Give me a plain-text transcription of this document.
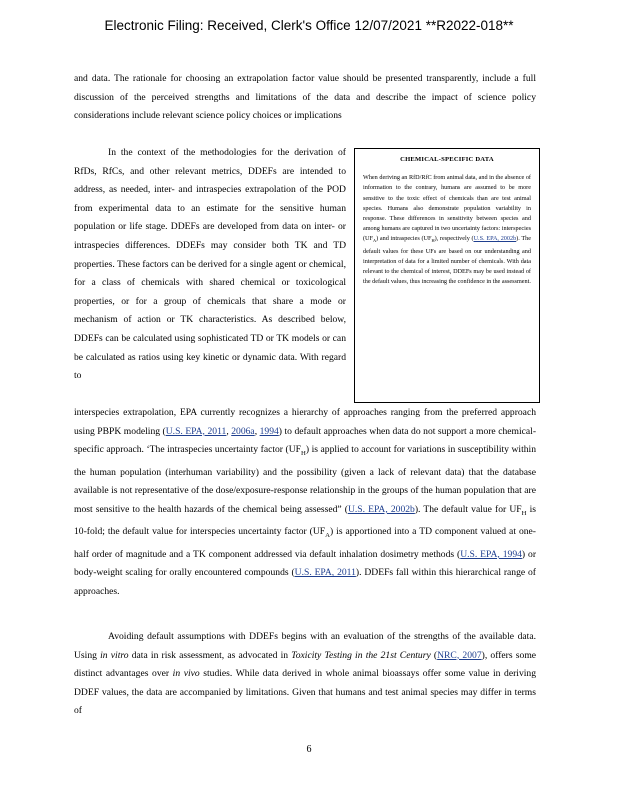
Electronic Filing: Received, Clerk's Office 12/07/2021 **R2022-018**
and data. The rationale for choosing an extrapolation factor value should be presented transparently, include a full discussion of the perceived strengths and limitations of the data and describe the impact of science policy considerations include relevant science policy choices or implications
In the context of the methodologies for the derivation of RfDs, RfCs, and other relevant metrics, DDEFs are intended to address, as needed, inter- and intraspecies extrapolation of the POD from experimental data to an estimate for the sensitive human population or life stage. DDEFs are developed from data on inter- or intraspecies differences. DDEFs may consider both TK and TD properties. These factors can be derived for a single agent or chemical, for a class of chemicals with shared chemical or toxicological properties, or for a group of chemicals that share a mode or mechanism of action or TK characteristics. As described below, DDEFs can be calculated using sophisticated TD or TK models or can be calculated as ratios using key kinetic or dynamic data. With regard to
CHEMICAL-SPECIFIC DATA
When deriving an RfD/RfC from animal data, and in the absence of information to the contrary, humans are assumed to be more sensitive to the toxic effect of chemicals than are test animal species. Humans also demonstrate population variability in response. These differences in sensitivity between species and among humans are captured in two uncertainty factors: interspecies $(UF_A)$ and intraspecies $(UF_H)$, respectively (U.S. EPA, 2002b). The default values for these UFs are based on our understanding and interpretation of data for a limited number of chemicals. With data relevant to the chemical of interest, DDEFs may be used instead of the default values, thus increasing the confidence in the assessment.
interspecies extrapolation, EPA currently recognizes a hierarchy of approaches ranging from the preferred approach using PBPK modeling (U.S. EPA, 2011, 2006a, 1994) to default approaches when data do not support a more chemical-specific approach. ‘The intraspecies uncertainty factor $(UF_H)$ is applied to account for variations in susceptibility within the human population (interhuman variability) and the possibility (given a lack of relevant data) that the database available is not representative of the dose/exposure-response relationship in the groups of the human population that are most sensitive to the health hazards of the chemical being assessed” (U.S. EPA, 2002b). The default value for $UF_H$ is 10-fold; the default value for interspecies uncertainty factor $(UF_A)$ is apportioned into a TD component valued at one-half order of magnitude and a TK component addressed via default inhalation dosimetry methods (U.S. EPA, 1994) or body-weight scaling for orally encountered compounds (U.S. EPA, 2011). DDEFs fall within this hierarchical range of approaches.
Avoiding default assumptions with DDEFs begins with an evaluation of the strengths of the available data. Using in vitro data in risk assessment, as advocated in Toxicity Testing in the 21st Century (NRC, 2007), offers some distinct advantages over in vivo studies. While data derived in whole animal bioassays offer some value in deriving DDEF values, the data are accompanied by limitations. Given that humans and test animal species may differ in terms of
6
